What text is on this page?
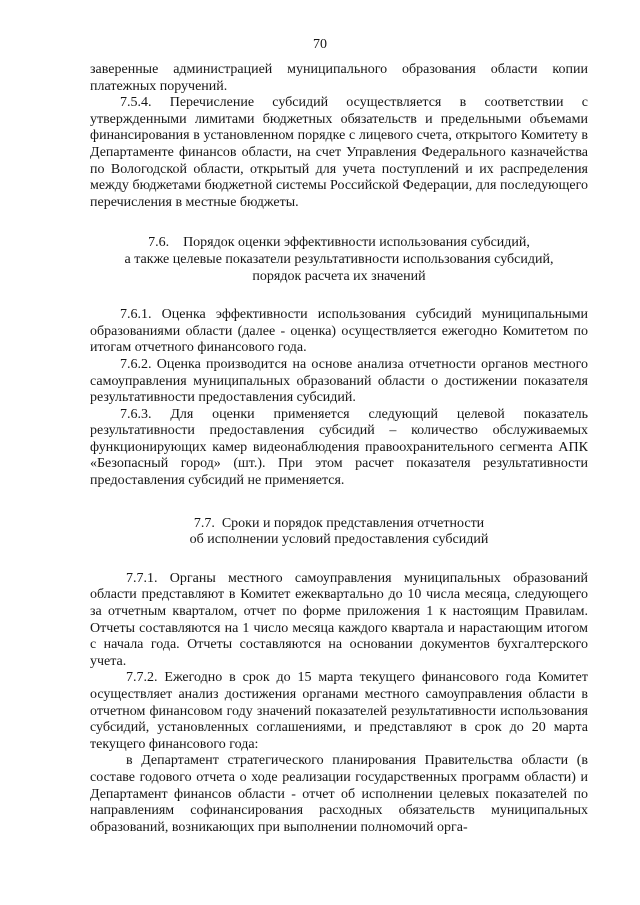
70

заверенные администрацией муниципального образования области копии платежных поручений.

7.5.4. Перечисление субсидий осуществляется в соответствии с утвержденными лимитами бюджетных обязательств и предельными объемами финансирования в установленном порядке с лицевого счета, открытого Комитету в Департаменте финансов области, на счет Управления Федерального казначейства по Вологодской области, открытый для учета поступлений и их распределения между бюджетами бюджетной системы Российской Федерации, для последующего перечисления в местные бюджеты.

7.6.    Порядок оценки эффективности использования субсидий,
а также целевые показатели результативности использования субсидий,
порядок расчета их значений

7.6.1. Оценка эффективности использования субсидий муниципальными образованиями области (далее - оценка) осуществляется ежегодно Комитетом по итогам отчетного финансового года.

7.6.2. Оценка производится на основе анализа отчетности органов местного самоуправления муниципальных образований области о достижении показателя результативности предоставления субсидий.

7.6.3. Для оценки применяется следующий целевой показатель результативности предоставления субсидий – количество обслуживаемых функционирующих камер видеонаблюдения правоохранительного сегмента АПК «Безопасный город» (шт.). При этом расчет показателя результативности предоставления субсидий не применяется.

7.7.  Сроки и порядок представления отчетности
об исполнении условий предоставления субсидий

7.7.1. Органы местного самоуправления муниципальных образований области представляют в Комитет ежеквартально до 10 числа месяца, следующего за отчетным кварталом, отчет по форме приложения 1 к настоящим Правилам. Отчеты составляются на 1 число месяца каждого квартала и нарастающим итогом с начала года. Отчеты составляются на основании документов бухгалтерского учета.

7.7.2. Ежегодно в срок до 15 марта текущего финансового года Комитет осуществляет анализ достижения органами местного самоуправления области в отчетном финансовом году значений показателей результативности использования субсидий, установленных соглашениями, и представляют в срок до 20 марта текущего финансового года:

в Департамент стратегического планирования Правительства области (в составе годового отчета о ходе реализации государственных программ области) и Департамент финансов области - отчет об исполнении целевых показателей по направлениям софинансирования расходных обязательств муниципальных образований, возникающих при выполнении полномочий орга-
